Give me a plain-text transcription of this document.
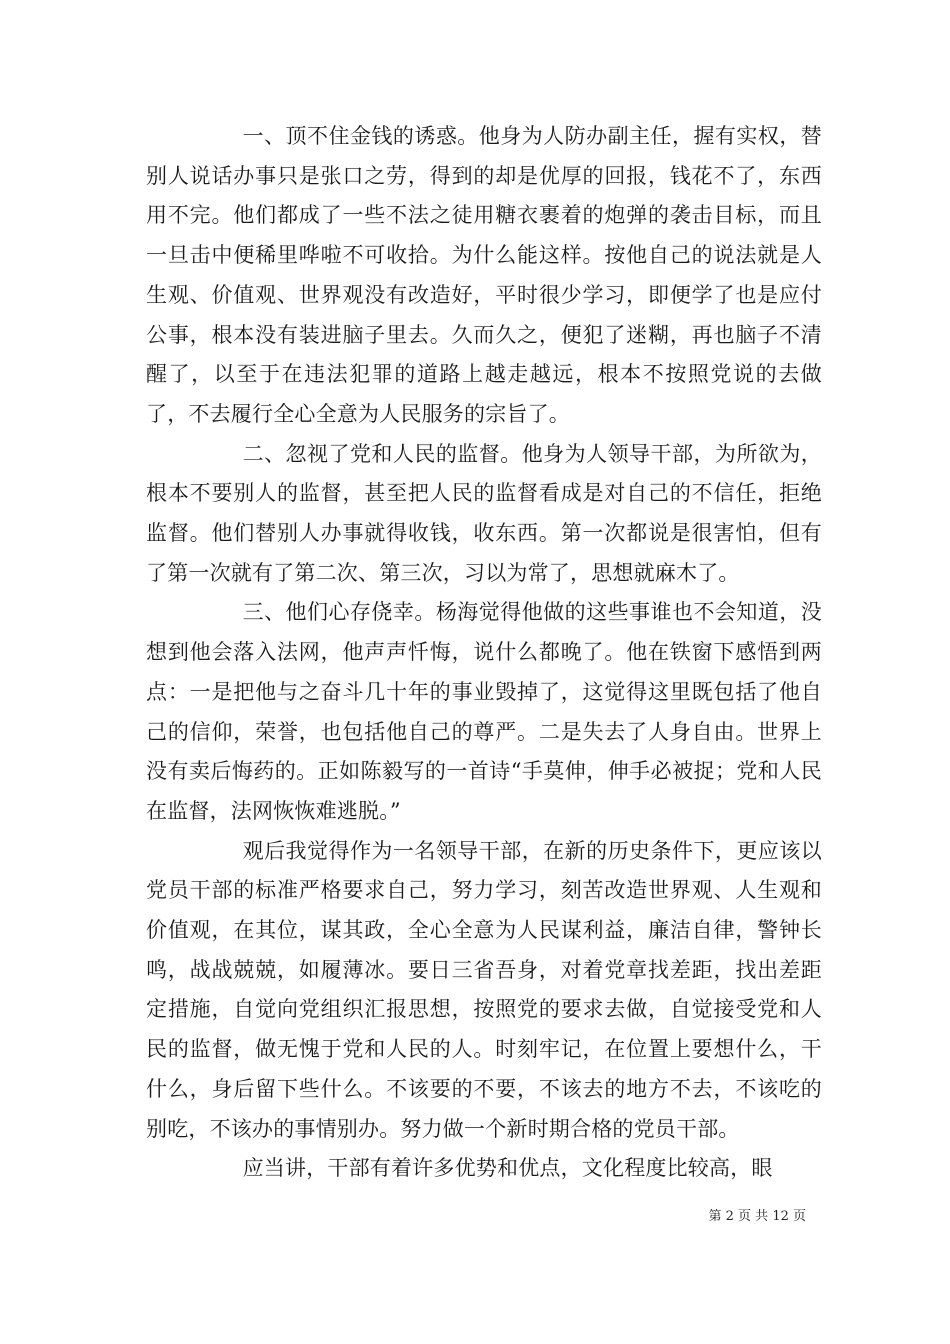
一、顶不住金钱的诱惑。他身为人防办副主任，握有实权，替别人说话办事只是张口之劳，得到的却是优厚的回报，钱花不了，东西用不完。他们都成了一些不法之徒用糖衣裹着的炮弹的袭击目标，而且一旦击中便稀里哗啦不可收拾。为什么能这样。按他自己的说法就是人生观、价值观、世界观没有改造好，平时很少学习，即便学了也是应付公事，根本没有装进脑子里去。久而久之，便犯了迷糊，再也脑子不清醒了，以至于在违法犯罪的道路上越走越远，根本不按照党说的去做了，不去履行全心全意为人民服务的宗旨了。

二、忽视了党和人民的监督。他身为人领导干部，为所欲为，根本不要别人的监督，甚至把人民的监督看成是对自己的不信任，拒绝监督。他们替别人办事就得收钱，收东西。第一次都说是很害怕，但有了第一次就有了第二次、第三次，习以为常了，思想就麻木了。

三、他们心存侥幸。杨海觉得他做的这些事谁也不会知道，没想到他会落入法网，他声声忏悔，说什么都晚了。他在铁窗下感悟到两点：一是把他与之奋斗几十年的事业毁掉了，这觉得这里既包括了他自己的信仰，荣誉，也包括他自己的尊严。二是失去了人身自由。世界上没有卖后悔药的。正如陈毅写的一首诗“手莫伸，伸手必被捉；党和人民在监督，法网恢恢难逃脱。”

观后我觉得作为一名领导干部，在新的历史条件下，更应该以党员干部的标准严格要求自己，努力学习，刻苦改造世界观、人生观和价值观，在其位，谋其政，全心全意为人民谋利益，廉洁自律，警钟长鸣，战战兢兢，如履薄冰。要日三省吾身，对着党章找差距，找出差距定措施，自觉向党组织汇报思想，按照党的要求去做，自觉接受党和人民的监督，做无愧于党和人民的人。时刻牢记，在位置上要想什么，干什么，身后留下些什么。不该要的不要，不该去的地方不去，不该吃的别吃，不该办的事情别办。努力做一个新时期合格的党员干部。

应当讲，干部有着许多优势和优点，文化程度比较高，眼

第 2 页 共 12 页
